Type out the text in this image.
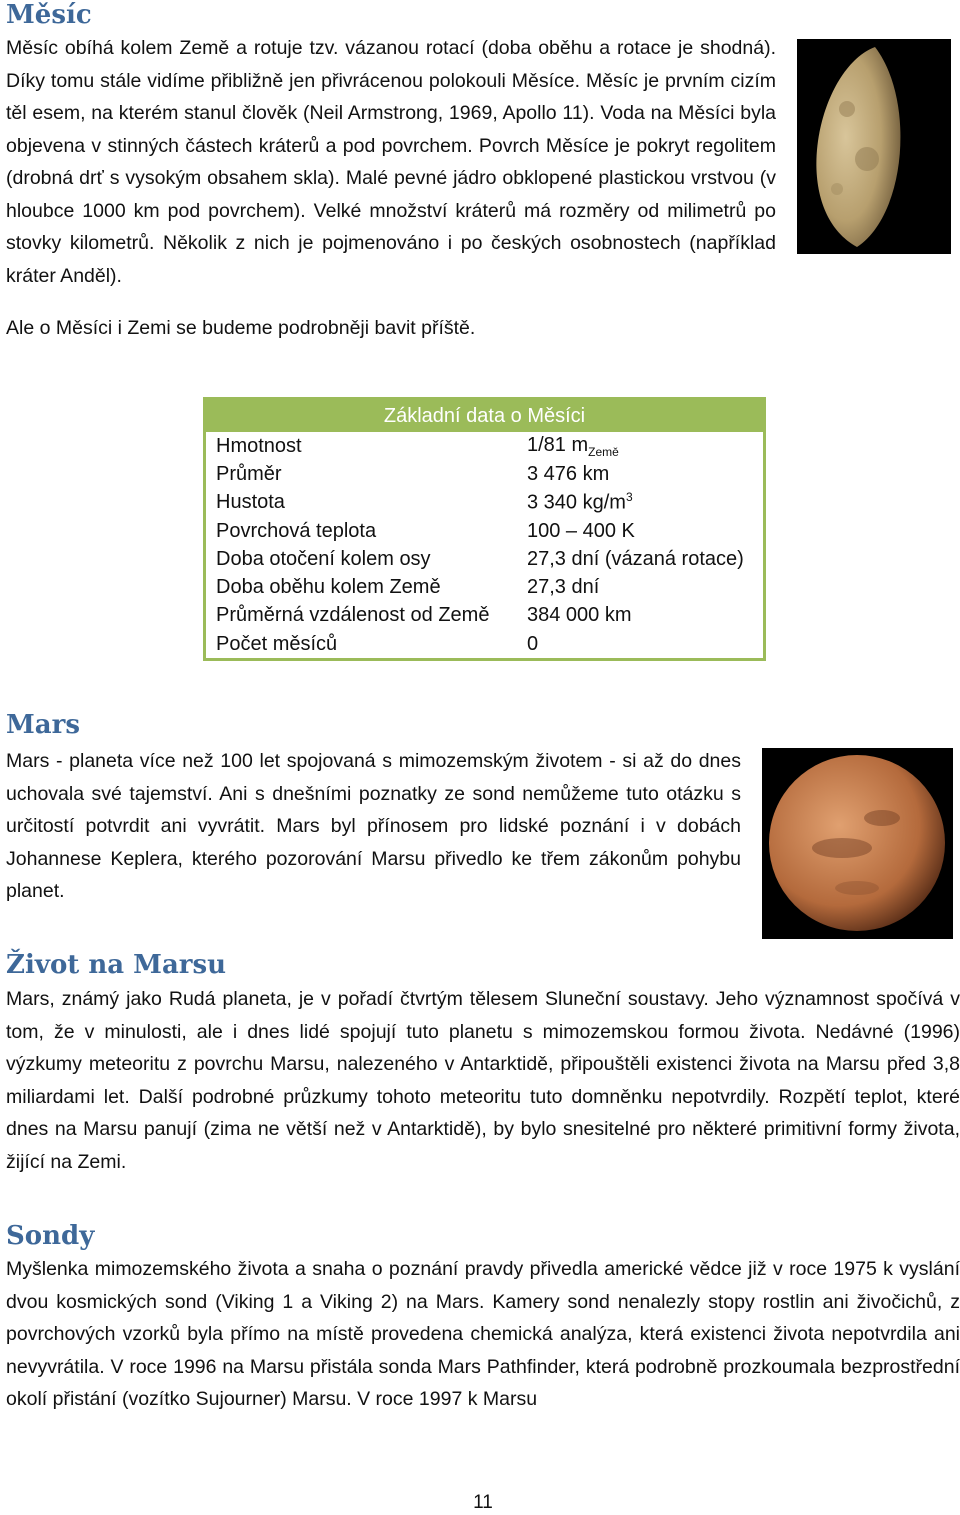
Měsíc

Měsíc obíhá kolem Země a rotuje tzv. vázanou rotací (doba oběhu a rotace je shodná). Díky tomu stále vidíme přibližně jen přivrácenou polokouli Měsíce. Měsíc je prvním cizím těl esem, na kterém stanul člověk (Neil Armstrong, 1969, Apollo 11). Voda na Měsíci byla objevena v stinných částech kráterů a pod povrchem. Povrch Měsíce je pokryt regolitem (drobná drť s vysokým obsahem skla). Malé pevné jádro obklopené plastickou vrstvou (v hloubce 1000 km pod povrchem). Velké množství kráterů má rozměry od milimetrů po stovky kilometrů. Několik z nich je pojmenováno i po českých osobnostech (například kráter Anděl).

Ale o Měsíci i Zemi se budeme podrobněji bavit příště.

Základní data o Měsíci	
Hmotnost	1/81 $m_{Země}$
Průměr	3 476 km
Hustota	3 340 $kg/m^3$
Povrchová teplota	100 – 400 K
Doba otočení kolem osy	27,3 dní (vázaná rotace)
Doba oběhu kolem Země	27,3 dní
Průměrná vzdálenost od Země	384 000 km
Počet měsíců	0
Mars

Mars - planeta více než 100 let spojovaná s mimozemským životem - si až do dnes uchovala své tajemství. Ani s dnešními poznatky ze sond nemůžeme tuto otázku s určitostí potvrdit ani vyvrátit. Mars byl přínosem pro lidské poznání i v dobách Johannese Keplera, kterého pozorování Marsu přivedlo ke třem zákonům pohybu planet.

Život na Marsu

Mars, známý jako Rudá planeta, je v pořadí čtvrtým tělesem Sluneční soustavy. Jeho významnost spočívá v tom, že v minulosti, ale i dnes lidé spojují tuto planetu s mimozemskou formou života. Nedávné (1996) výzkumy meteoritu z povrchu Marsu, nalezeného v Antarktidě, připouštěli existenci života na Marsu před 3,8 miliardami let. Další podrobné průzkumy tohoto meteoritu tuto domněnku nepotvrdily. Rozpětí teplot, které dnes na Marsu panují (zima ne větší než v Antarktidě), by bylo snesitelné pro některé primitivní formy života, žijící na Zemi.

Sondy

Myšlenka mimozemského života a snaha o poznání pravdy přivedla americké vědce již v roce 1975 k vyslání dvou kosmických sond (Viking 1 a Viking 2) na Mars. Kamery sond nenalezly stopy rostlin ani živočichů, z povrchových vzorků byla přímo na místě provedena chemická analýza, která existenci života nepotvrdila ani nevyvrátila. V roce 1996 na Marsu přistála sonda Mars Pathfinder, která podrobně prozkoumala bezprostřední okolí přistání (vozítko Sujourner) Marsu. V roce 1997 k Marsu

11
